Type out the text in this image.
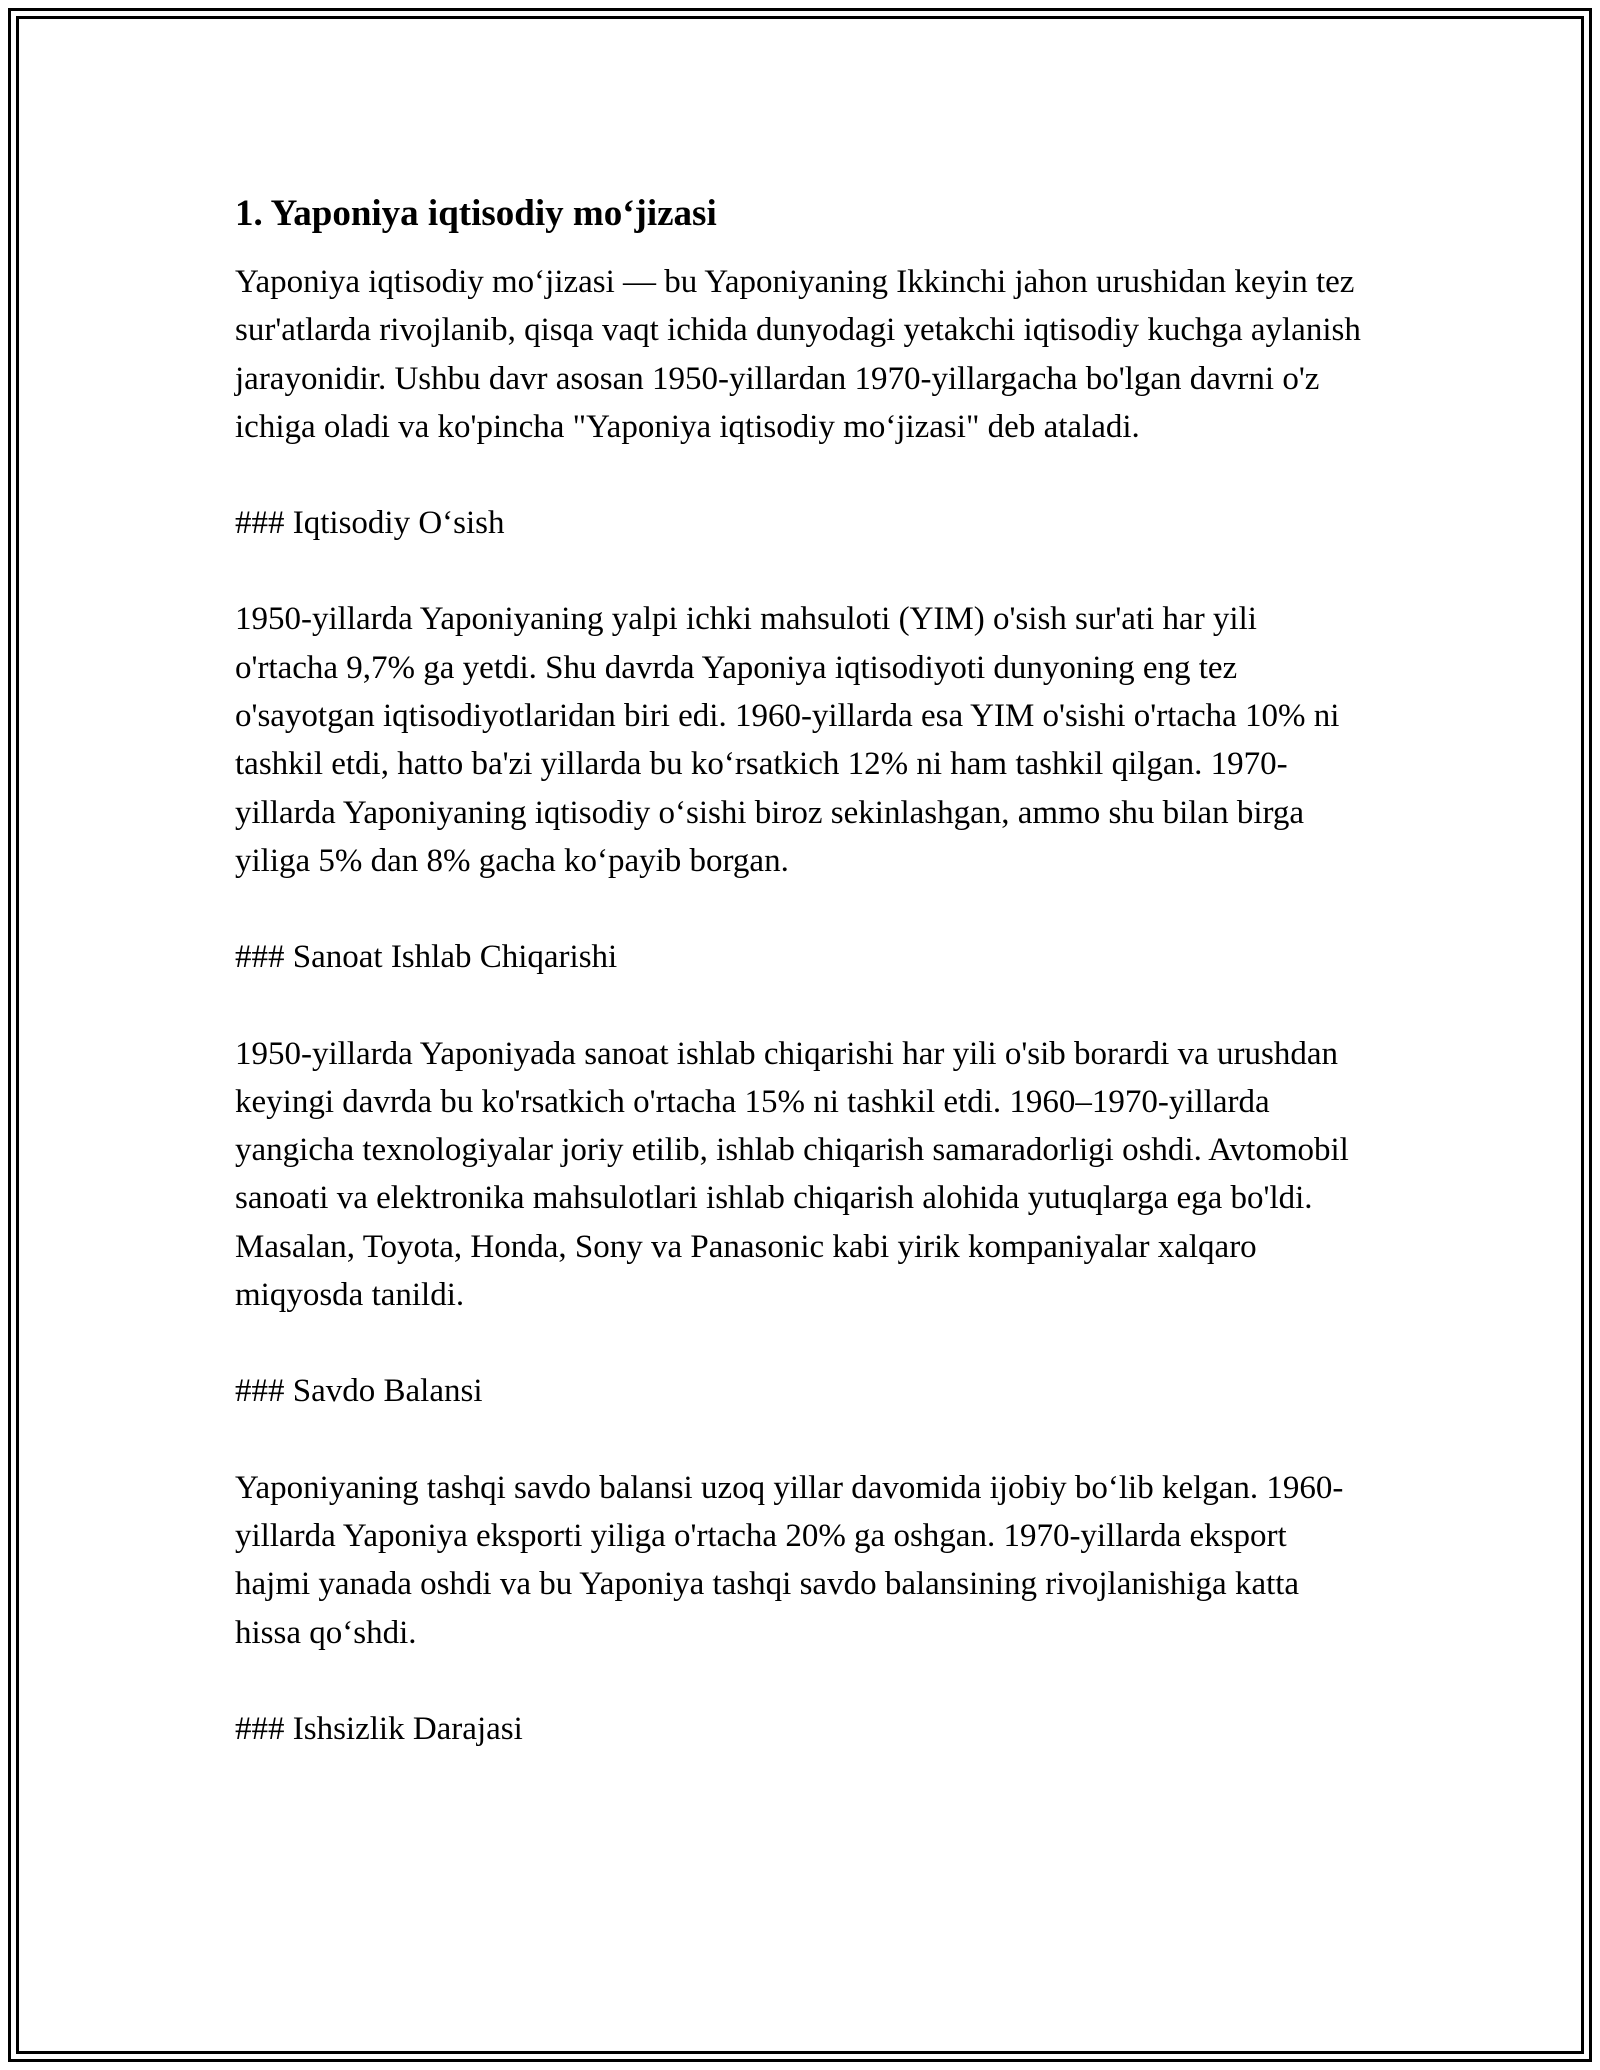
1. Yaponiya iqtisodiy mo‘jizasi

Yaponiya iqtisodiy mo‘jizasi — bu Yaponiyaning Ikkinchi jahon urushidan keyin tez sur'atlarda rivojlanib, qisqa vaqt ichida dunyodagi yetakchi iqtisodiy kuchga aylanish jarayonidir. Ushbu davr asosan 1950-yillardan 1970-yillargacha bo'lgan davrni o'z ichiga oladi va ko'pincha "Yaponiya iqtisodiy mo‘jizasi" deb ataladi.

### Iqtisodiy O‘sish

1950-yillarda Yaponiyaning yalpi ichki mahsuloti (YIM) o'sish sur'ati har yili o'rtacha 9,7% ga yetdi. Shu davrda Yaponiya iqtisodiyoti dunyoning eng tez o'sayotgan iqtisodiyotlaridan biri edi. 1960-yillarda esa YIM o'sishi o'rtacha 10% ni tashkil etdi, hatto ba'zi yillarda bu ko‘rsatkich 12% ni ham tashkil qilgan. 1970-yillarda Yaponiyaning iqtisodiy o‘sishi biroz sekinlashgan, ammo shu bilan birga yiliga 5% dan 8% gacha ko‘payib borgan.

### Sanoat Ishlab Chiqarishi

1950-yillarda Yaponiyada sanoat ishlab chiqarishi har yili o'sib borardi va urushdan keyingi davrda bu ko'rsatkich o'rtacha 15% ni tashkil etdi. 1960–1970-yillarda yangicha texnologiyalar joriy etilib, ishlab chiqarish samaradorligi oshdi. Avtomobil sanoati va elektronika mahsulotlari ishlab chiqarish alohida yutuqlarga ega bo'ldi. Masalan, Toyota, Honda, Sony va Panasonic kabi yirik kompaniyalar xalqaro miqyosda tanildi.

### Savdo Balansi

Yaponiyaning tashqi savdo balansi uzoq yillar davomida ijobiy bo‘lib kelgan. 1960-yillarda Yaponiya eksporti yiliga o'rtacha 20% ga oshgan. 1970-yillarda eksport hajmi yanada oshdi va bu Yaponiya tashqi savdo balansining rivojlanishiga katta hissa qo‘shdi.

### Ishsizlik Darajasi
